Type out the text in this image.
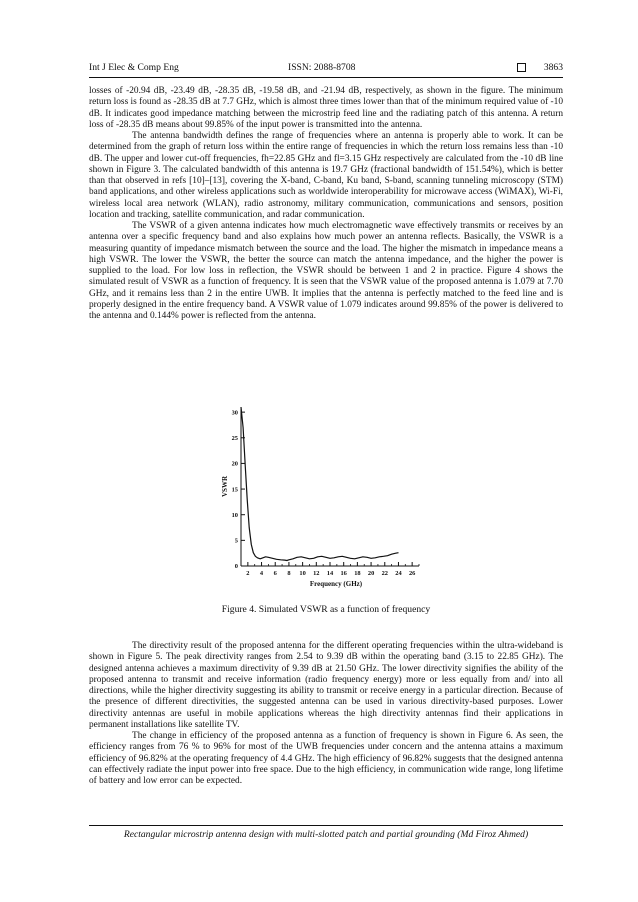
Int J Elec & Comp Eng	ISSN: 2088-8708	3863

losses of -20.94 dB, -23.49 dB, -28.35 dB, -19.58 dB, and -21.94 dB, respectively, as shown in the figure. The minimum return loss is found as -28.35 dB at 7.7 GHz, which is almost three times lower than that of the minimum required value of -10 dB. It indicates good impedance matching between the microstrip feed line and the radiating patch of this antenna. A return loss of -28.35 dB means about 99.85% of the input power is transmitted into the antenna.

The antenna bandwidth defines the range of frequencies where an antenna is properly able to work. It can be determined from the graph of return loss within the entire range of frequencies in which the return loss remains less than -10 dB. The upper and lower cut-off frequencies, fh=22.85 GHz and fl=3.15 GHz respectively are calculated from the -10 dB line shown in Figure 3. The calculated bandwidth of this antenna is 19.7 GHz (fractional bandwidth of 151.54%), which is better than that observed in refs [10]–[13], covering the X-band, C-band, Ku band, S-band, scanning tunneling microscopy (STM) band applications, and other wireless applications such as worldwide interoperability for microwave access (WiMAX), Wi-Fi, wireless local area network (WLAN), radio astronomy, military communication, communications and sensors, position location and tracking, satellite communication, and radar communication.

The VSWR of a given antenna indicates how much electromagnetic wave effectively transmits or receives by an antenna over a specific frequency band and also explains how much power an antenna reflects. Basically, the VSWR is a measuring quantity of impedance mismatch between the source and the load. The higher the mismatch in impedance means a high VSWR. The lower the VSWR, the better the source can match the antenna impedance, and the higher the power is supplied to the load. For low loss in reflection, the VSWR should be between 1 and 2 in practice. Figure 4 shows the simulated result of VSWR as a function of frequency. It is seen that the VSWR value of the proposed antenna is 1.079 at 7.70 GHz, and it remains less than 2 in the entire UWB. It implies that the antenna is perfectly matched to the feed line and is properly designed in the entire frequency band. A VSWR value of 1.079 indicates around 99.85% of the power is delivered to the antenna and 0.144% power is reflected from the antenna.

0
5
10
15
20
25
30
2 4 6 8 10 12 14 16 18 20 22 24 26
VSWR
Frequency (GHz)
Figure 4. Simulated VSWR as a function of frequency

The directivity result of the proposed antenna for the different operating frequencies within the ultra-wideband is shown in Figure 5. The peak directivity ranges from 2.54 to 9.39 dB within the operating band (3.15 to 22.85 GHz). The designed antenna achieves a maximum directivity of 9.39 dB at 21.50 GHz. The lower directivity signifies the ability of the proposed antenna to transmit and receive information (radio frequency energy) more or less equally from and/ into all directions, while the higher directivity suggesting its ability to transmit or receive energy in a particular direction. Because of the presence of different directivities, the suggested antenna can be used in various directivity-based purposes. Lower directivity antennas are useful in mobile applications whereas the high directivity antennas find their applications in permanent installations like satellite TV.

The change in efficiency of the proposed antenna as a function of frequency is shown in Figure 6. As seen, the efficiency ranges from 76 % to 96% for most of the UWB frequencies under concern and the antenna attains a maximum efficiency of 96.82% at the operating frequency of 4.4 GHz. The high efficiency of 96.82% suggests that the designed antenna can effectively radiate the input power into free space. Due to the high efficiency, in communication wide range, long lifetime of battery and low error can be expected.

Rectangular microstrip antenna design with multi-slotted patch and partial grounding (Md Firoz Ahmed)
